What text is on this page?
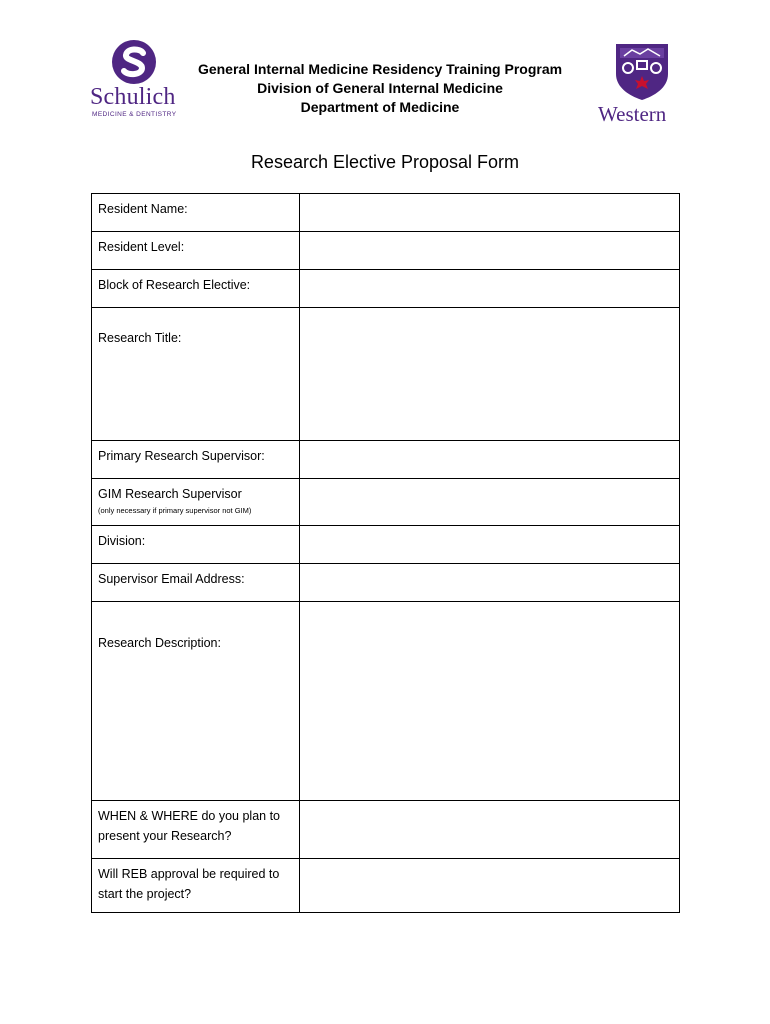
Schulich
MEDICINE & DENTISTRY
General Internal Medicine Residency Training Program
Division of General Internal Medicine
Department of Medicine	Western
Research Elective Proposal Form
Resident Name:	
Resident Level:	
Block of Research Elective:	
Research Title:	
Primary Research Supervisor:	
GIM Research Supervisor
(only necessary if primary supervisor not GIM)	

Division:	
Supervisor Email Address:	
Research Description:	
WHEN & WHERE do you plan to present your Research?	
Will REB approval be required to start the project?	
